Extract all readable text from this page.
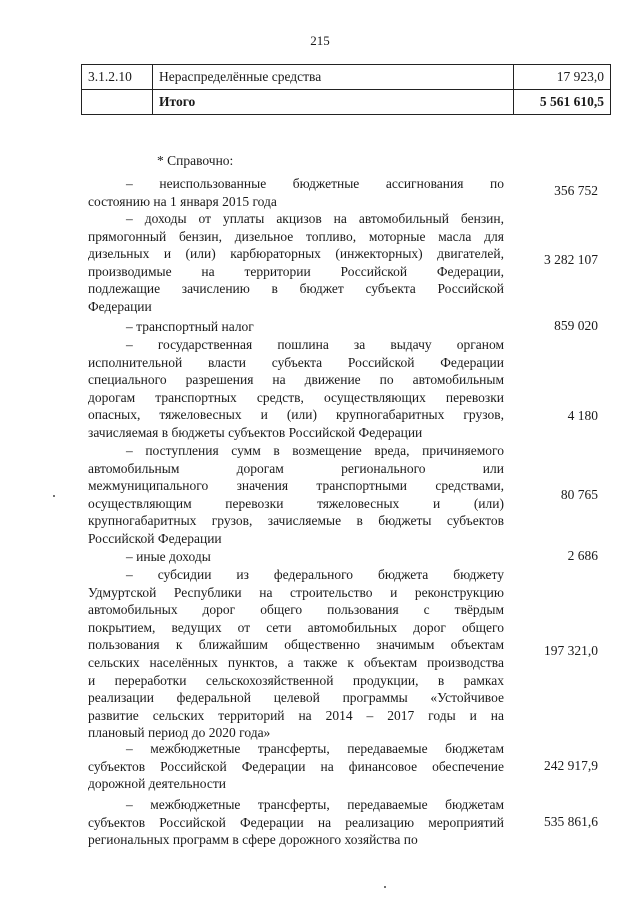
215
3.1.2.10	Нераспределённые средства	17 923,0
	Итого	5 561 610,5
* Справочно:
– неиспользованные бюджетные ассигнования по
состоянию на 1 января 2015 года
356 752
– доходы от уплаты акцизов на автомобильный бензин,
прямогонный бензин, дизельное топливо, моторные масла для
дизельных и (или) карбюраторных (инжекторных) двигателей,
производимые на территории Российской Федерации,
подлежащие зачислению в бюджет субъекта Российской
Федерации
3 282 107
– транспортный налог	859 020
– государственная пошлина за выдачу органом
исполнительной власти субъекта Российской Федерации
специального разрешения на движение по автомобильным
дорогам транспортных средств, осуществляющих перевозки
опасных, тяжеловесных и (или) крупногабаритных грузов,
зачисляемая в бюджеты субъектов Российской Федерации
4 180
– поступления сумм в возмещение вреда, причиняемого
автомобильным дорогам регионального или
межмуниципального значения транспортными средствами,
осуществляющим перевозки тяжеловесных и (или)
крупногабаритных грузов, зачисляемые в бюджеты субъектов
Российской Федерации
80 765
– иные доходы	2 686
– субсидии из федерального бюджета бюджету
Удмуртской Республики на строительство и реконструкцию
автомобильных дорог общего пользования с твёрдым
покрытием, ведущих от сети автомобильных дорог общего
пользования к ближайшим общественно значимым объектам
сельских населённых пунктов, а также к объектам производства
и переработки сельскохозяйственной продукции, в рамках
реализации федеральной целевой программы «Устойчивое
развитие сельских территорий на 2014 – 2017 годы и на
плановый период до 2020 года»
197 321,0
– межбюджетные трансферты, передаваемые бюджетам
субъектов Российской Федерации на финансовое обеспечение
дорожной деятельности
242 917,9
– межбюджетные трансферты, передаваемые бюджетам
субъектов Российской Федерации на реализацию мероприятий
региональных программ в сфере дорожного хозяйства по
535 861,6
